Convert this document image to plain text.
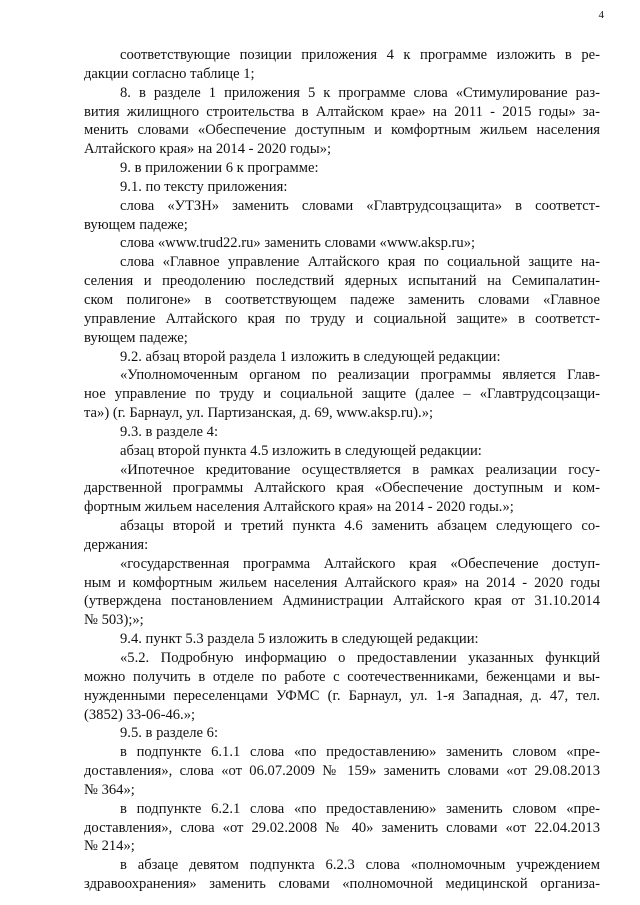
4

соответствующие позиции приложения 4 к программе изложить в ре-
дакции согласно таблице 1;

8. в разделе 1 приложения 5 к программе слова «Стимулирование раз-
вития жилищного строительства в Алтайском крае» на 2011 - 2015 годы» за-
менить словами «Обеспечение доступным и комфортным жильем населения
Алтайского края» на 2014 - 2020 годы»;

9. в приложении 6 к программе:

9.1. по тексту приложения:

слова «УТЗН» заменить словами «Главтрудсоцзащита» в соответст-
вующем падеже;

слова «www.trud22.ru» заменить словами «www.aksp.ru»;

слова «Главное управление Алтайского края по социальной защите на-
селения и преодолению последствий ядерных испытаний на Семипалатин-
ском полигоне» в соответствующем падеже заменить словами «Главное
управление Алтайского края по труду и социальной защите» в соответст-
вующем падеже;

9.2. абзац второй раздела 1 изложить в следующей редакции:

«Уполномоченным органом по реализации программы является Глав-
ное управление по труду и социальной защите (далее – «Главтрудсоцзащи-
та») (г. Барнаул, ул. Партизанская, д. 69, www.aksp.ru).»;

9.3. в разделе 4:

абзац второй пункта 4.5 изложить в следующей редакции:

«Ипотечное кредитование осуществляется в рамках реализации госу-
дарственной программы Алтайского края «Обеспечение доступным и ком-
фортным жильем населения Алтайского края» на 2014 - 2020 годы.»;

абзацы второй и третий пункта 4.6 заменить абзацем следующего со-
держания:

«государственная программа Алтайского края «Обеспечение доступ-
ным и комфортным жильем населения Алтайского края» на 2014 - 2020 годы
(утверждена постановлением Администрации Алтайского края от 31.10.2014
№ 503);»;

9.4. пункт 5.3 раздела 5 изложить в следующей редакции:

«5.2. Подробную информацию о предоставлении указанных функций
можно получить в отделе по работе с соотечественниками, беженцами и вы-
нужденными переселенцами УФМС (г. Барнаул, ул. 1-я Западная, д. 47, тел.
(3852) 33-06-46.»;

9.5. в разделе 6:

в подпункте 6.1.1 слова «по предоставлению» заменить словом «пре-
доставления», слова «от 06.07.2009 № 159» заменить словами «от 29.08.2013
№ 364»;

в подпункте 6.2.1 слова «по предоставлению» заменить словом «пре-
доставления», слова «от 29.02.2008 № 40» заменить словами «от 22.04.2013
№ 214»;

в абзаце девятом подпункта 6.2.3 слова «полномочным учреждением
здравоохранения» заменить словами «полномочной медицинской организа-
